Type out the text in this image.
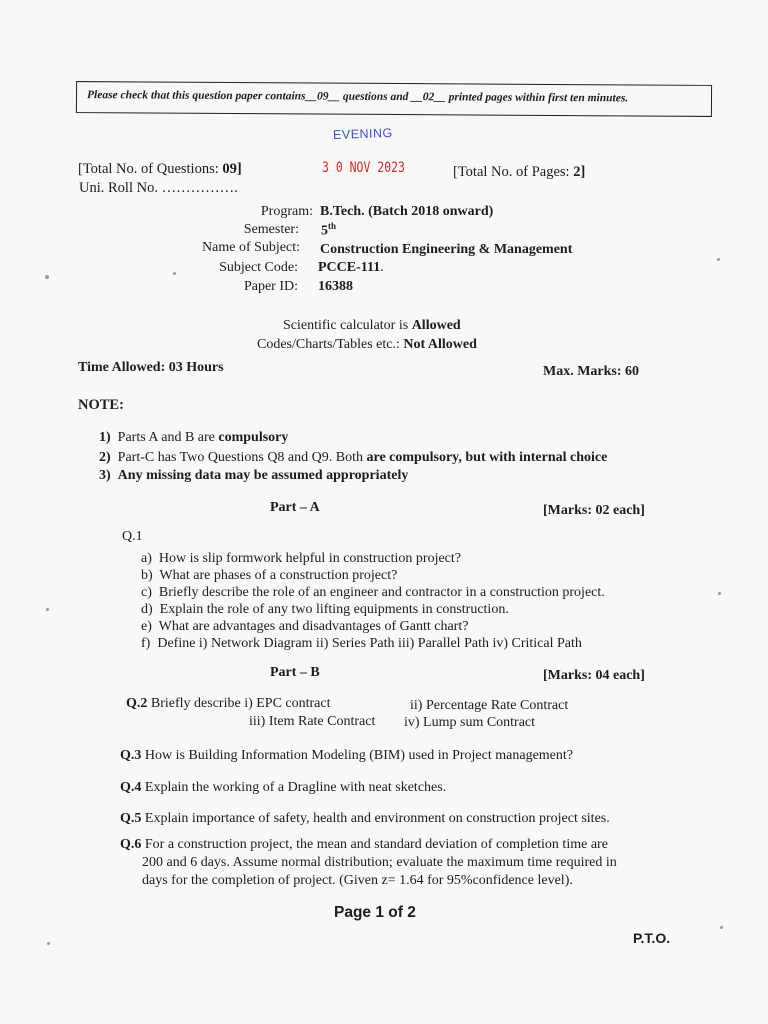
Please check that this question paper contains__09__ questions and __02__ printed pages within first ten minutes.
EVENING
3 0 NOV 2023
[Total No. of Questions: 09]	[Total No. of Pages: 2]
Uni. Roll No. …………….
Program: B.Tech. (Batch 2018 onward)
Semester: 5th
Name of Subject: Construction Engineering & Management
Subject Code: PCCE-111.
Paper ID: 16388
Scientific calculator is Allowed
Codes/Charts/Tables etc.: Not Allowed
Time Allowed: 03 Hours	Max. Marks: 60
NOTE:
1) Parts A and B are compulsory
2) Part-C has Two Questions Q8 and Q9. Both are compulsory, but with internal choice
3) Any missing data may be assumed appropriately
Part – A	[Marks: 02 each]
Q.1
a) How is slip formwork helpful in construction project?
b) What are phases of a construction project?
c) Briefly describe the role of an engineer and contractor in a construction project.
d) Explain the role of any two lifting equipments in construction.
e) What are advantages and disadvantages of Gantt chart?
f) Define i) Network Diagram ii) Series Path iii) Parallel Path iv) Critical Path
Part – B	[Marks: 04 each]
Q.2 Briefly describe i) EPC contract	ii) Percentage Rate Contract
iii) Item Rate Contract iv) Lump sum Contract
Q.3 How is Building Information Modeling (BIM) used in Project management?
Q.4 Explain the working of a Dragline with neat sketches.
Q.5 Explain importance of safety, health and environment on construction project sites.
Q.6 For a construction project, the mean and standard deviation of completion time are
200 and 6 days. Assume normal distribution; evaluate the maximum time required in
days for the completion of project. (Given z= 1.64 for 95%confidence level).
Page 1 of 2
P.T.O.
